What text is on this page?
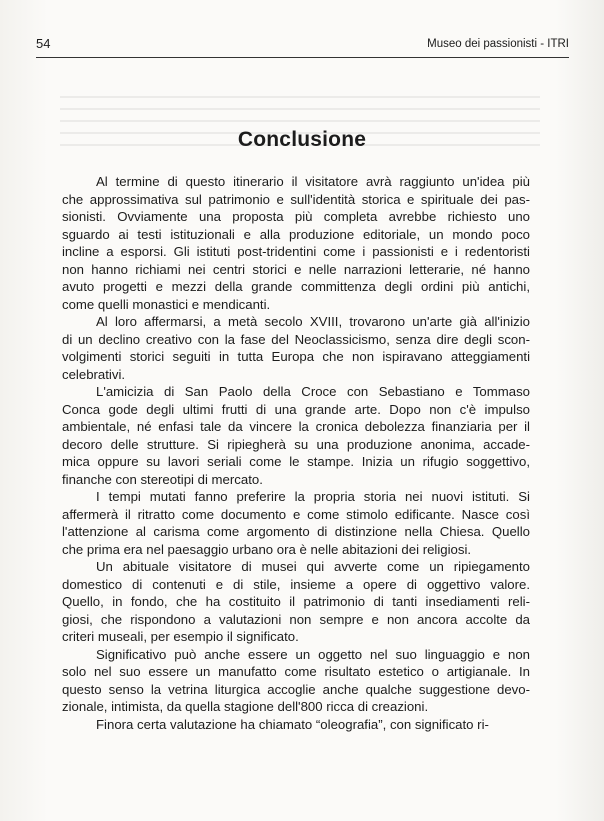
54	Museo dei passionisti - ITRI
Conclusione

Al termine di questo itinerario il visitatore avrà raggiunto un'idea più
che approssimativa sul patrimonio e sull'identità storica e spirituale dei pas-
sionisti. Ovviamente una proposta più completa avrebbe richiesto uno
sguardo ai testi istituzionali e alla produzione editoriale, un mondo poco
incline a esporsi. Gli istituti post-tridentini come i passionisti e i redentoristi
non hanno richiami nei centri storici e nelle narrazioni letterarie, né hanno
avuto progetti e mezzi della grande committenza degli ordini più antichi,
come quelli monastici e mendicanti.

Al loro affermarsi, a metà secolo XVIII, trovarono un'arte già all'inizio
di un declino creativo con la fase del Neoclassicismo, senza dire degli scon-
volgimenti storici seguiti in tutta Europa che non ispiravano atteggiamenti
celebrativi.

L'amicizia di San Paolo della Croce con Sebastiano e Tommaso
Conca gode degli ultimi frutti di una grande arte. Dopo non c'è impulso
ambientale, né enfasi tale da vincere la cronica debolezza finanziaria per il
decoro delle strutture. Si ripiegherà su una produzione anonima, accade-
mica oppure su lavori seriali come le stampe. Inizia un rifugio soggettivo,
finanche con stereotipi di mercato.

I tempi mutati fanno preferire la propria storia nei nuovi istituti. Si
affermerà il ritratto come documento e come stimolo edificante. Nasce così
l'attenzione al carisma come argomento di distinzione nella Chiesa. Quello
che prima era nel paesaggio urbano ora è nelle abitazioni dei religiosi.

Un abituale visitatore di musei qui avverte come un ripiegamento
domestico di contenuti e di stile, insieme a opere di oggettivo valore.
Quello, in fondo, che ha costituito il patrimonio di tanti insediamenti reli-
giosi, che rispondono a valutazioni non sempre e non ancora accolte da
criteri museali, per esempio il significato.

Significativo può anche essere un oggetto nel suo linguaggio e non
solo nel suo essere un manufatto come risultato estetico o artigianale. In
questo senso la vetrina liturgica accoglie anche qualche suggestione devo-
zionale, intimista, da quella stagione dell'800 ricca di creazioni.

Finora certa valutazione ha chiamato “oleografia”, con significato ri-
